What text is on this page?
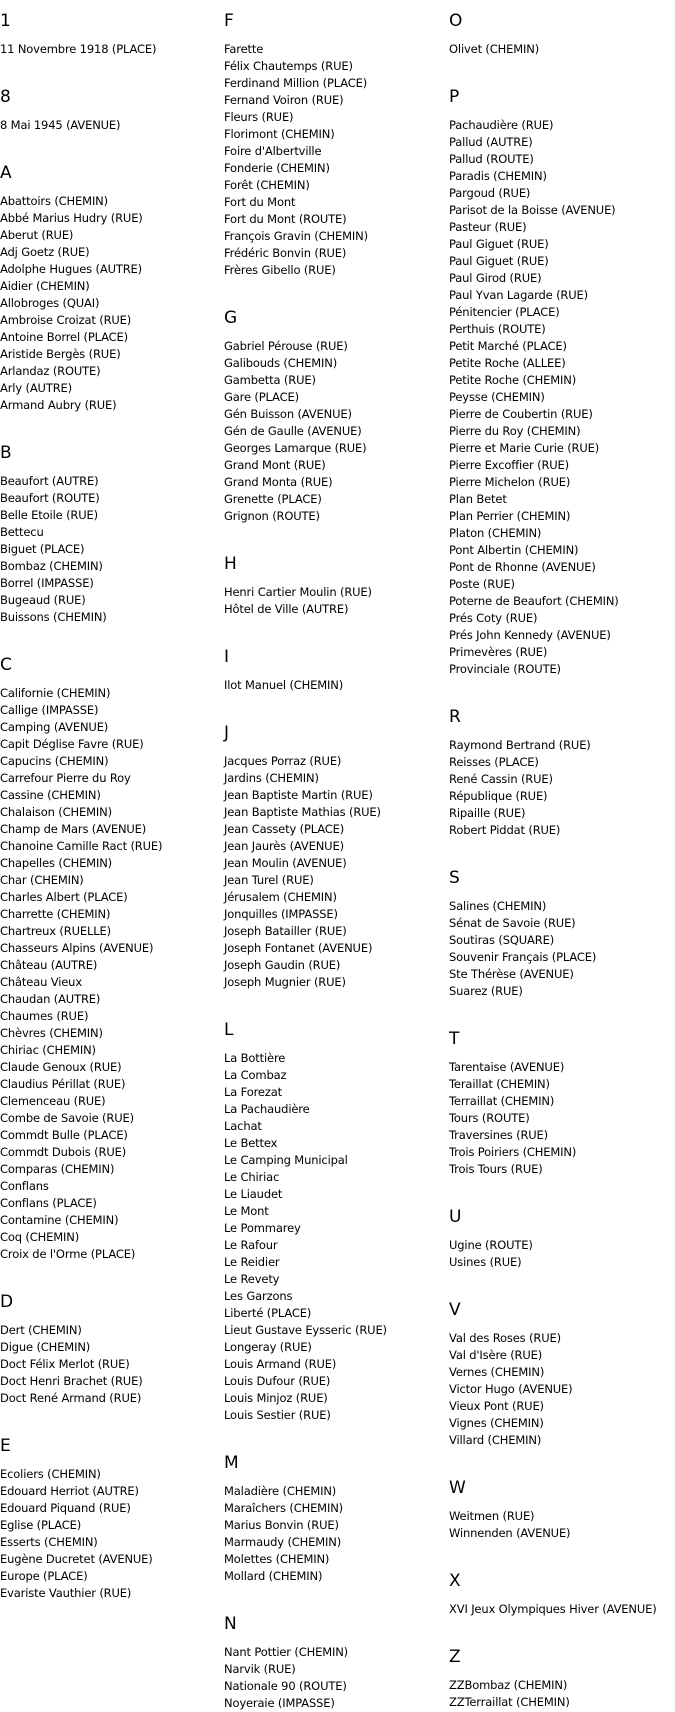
1
11 Novembre 1918 (PLACE)
8
8 Mai 1945 (AVENUE)
A
Abattoirs (CHEMIN)
Abbé Marius Hudry (RUE)
Aberut (RUE)
Adj Goetz (RUE)
Adolphe Hugues (AUTRE)
Aidier (CHEMIN)
Allobroges (QUAI)
Ambroise Croizat (RUE)
Antoine Borrel (PLACE)
Aristide Bergès (RUE)
Arlandaz (ROUTE)
Arly (AUTRE)
Armand Aubry (RUE)
B
Beaufort (AUTRE)
Beaufort (ROUTE)
Belle Etoile (RUE)
Bettecu
Biguet (PLACE)
Bombaz (CHEMIN)
Borrel (IMPASSE)
Bugeaud (RUE)
Buissons (CHEMIN)
C
Californie (CHEMIN)
Callige (IMPASSE)
Camping (AVENUE)
Capit Déglise Favre (RUE)
Capucins (CHEMIN)
Carrefour Pierre du Roy
Cassine (CHEMIN)
Chalaison (CHEMIN)
Champ de Mars (AVENUE)
Chanoine Camille Ract (RUE)
Chapelles (CHEMIN)
Char (CHEMIN)
Charles Albert (PLACE)
Charrette (CHEMIN)
Chartreux (RUELLE)
Chasseurs Alpins (AVENUE)
Château (AUTRE)
Château Vieux
Chaudan (AUTRE)
Chaumes (RUE)
Chèvres (CHEMIN)
Chiriac (CHEMIN)
Claude Genoux (RUE)
Claudius Périllat (RUE)
Clemenceau (RUE)
Combe de Savoie (RUE)
Commdt Bulle (PLACE)
Commdt Dubois (RUE)
Comparas (CHEMIN)
Conflans
Conflans (PLACE)
Contamine (CHEMIN)
Coq (CHEMIN)
Croix de l'Orme (PLACE)
D
Dert (CHEMIN)
Digue (CHEMIN)
Doct Félix Merlot (RUE)
Doct Henri Brachet (RUE)
Doct René Armand (RUE)
E
Ecoliers (CHEMIN)
Edouard Herriot (AUTRE)
Edouard Piquand (RUE)
Eglise (PLACE)
Esserts (CHEMIN)
Eugène Ducretet (AVENUE)
Europe (PLACE)
Evariste Vauthier (RUE)
F
Farette
Félix Chautemps (RUE)
Ferdinand Million (PLACE)
Fernand Voiron (RUE)
Fleurs (RUE)
Florimont (CHEMIN)
Foire d'Albertville
Fonderie (CHEMIN)
Forêt (CHEMIN)
Fort du Mont
Fort du Mont (ROUTE)
François Gravin (CHEMIN)
Frédéric Bonvin (RUE)
Frères Gibello (RUE)
G
Gabriel Pérouse (RUE)
Galibouds (CHEMIN)
Gambetta (RUE)
Gare (PLACE)
Gén Buisson (AVENUE)
Gén de Gaulle (AVENUE)
Georges Lamarque (RUE)
Grand Mont (RUE)
Grand Monta (RUE)
Grenette (PLACE)
Grignon (ROUTE)
H
Henri Cartier Moulin (RUE)
Hôtel de Ville (AUTRE)
I
Ilot Manuel (CHEMIN)
J
Jacques Porraz (RUE)
Jardins (CHEMIN)
Jean Baptiste Martin (RUE)
Jean Baptiste Mathias (RUE)
Jean Cassety (PLACE)
Jean Jaurès (AVENUE)
Jean Moulin (AVENUE)
Jean Turel (RUE)
Jérusalem (CHEMIN)
Jonquilles (IMPASSE)
Joseph Batailler (RUE)
Joseph Fontanet (AVENUE)
Joseph Gaudin (RUE)
Joseph Mugnier (RUE)
L
La Bottière
La Combaz
La Forezat
La Pachaudière
Lachat
Le Bettex
Le Camping Municipal
Le Chiriac
Le Liaudet
Le Mont
Le Pommarey
Le Rafour
Le Reidier
Le Revety
Les Garzons
Liberté (PLACE)
Lieut Gustave Eysseric (RUE)
Longeray (RUE)
Louis Armand (RUE)
Louis Dufour (RUE)
Louis Minjoz (RUE)
Louis Sestier (RUE)
M
Maladière (CHEMIN)
Maraîchers (CHEMIN)
Marius Bonvin (RUE)
Marmaudy (CHEMIN)
Molettes (CHEMIN)
Mollard (CHEMIN)
N
Nant Pottier (CHEMIN)
Narvik (RUE)
Nationale 90 (ROUTE)
Noyeraie (IMPASSE)
O
Olivet (CHEMIN)
P
Pachaudière (RUE)
Pallud (AUTRE)
Pallud (ROUTE)
Paradis (CHEMIN)
Pargoud (RUE)
Parisot de la Boisse (AVENUE)
Pasteur (RUE)
Paul Giguet (RUE)
Paul Giguet (RUE)
Paul Girod (RUE)
Paul Yvan Lagarde (RUE)
Pénitencier (PLACE)
Perthuis (ROUTE)
Petit Marché (PLACE)
Petite Roche (ALLEE)
Petite Roche (CHEMIN)
Peysse (CHEMIN)
Pierre de Coubertin (RUE)
Pierre du Roy (CHEMIN)
Pierre et Marie Curie (RUE)
Pierre Excoffier (RUE)
Pierre Michelon (RUE)
Plan Betet
Plan Perrier (CHEMIN)
Platon (CHEMIN)
Pont Albertin (CHEMIN)
Pont de Rhonne (AVENUE)
Poste (RUE)
Poterne de Beaufort (CHEMIN)
Prés Coty (RUE)
Prés John Kennedy (AVENUE)
Primevères (RUE)
Provinciale (ROUTE)
R
Raymond Bertrand (RUE)
Reisses (PLACE)
René Cassin (RUE)
République (RUE)
Ripaille (RUE)
Robert Piddat (RUE)
S
Salines (CHEMIN)
Sénat de Savoie (RUE)
Soutiras (SQUARE)
Souvenir Français (PLACE)
Ste Thérèse (AVENUE)
Suarez (RUE)
T
Tarentaise (AVENUE)
Teraillat (CHEMIN)
Terraillat (CHEMIN)
Tours (ROUTE)
Traversines (RUE)
Trois Poiriers (CHEMIN)
Trois Tours (RUE)
U
Ugine (ROUTE)
Usines (RUE)
V
Val des Roses (RUE)
Val d'Isère (RUE)
Vernes (CHEMIN)
Victor Hugo (AVENUE)
Vieux Pont (RUE)
Vignes (CHEMIN)
Villard (CHEMIN)
W
Weitmen (RUE)
Winnenden (AVENUE)
X
XVI Jeux Olympiques Hiver (AVENUE)
Z
ZZBombaz (CHEMIN)
ZZTerraillat (CHEMIN)
